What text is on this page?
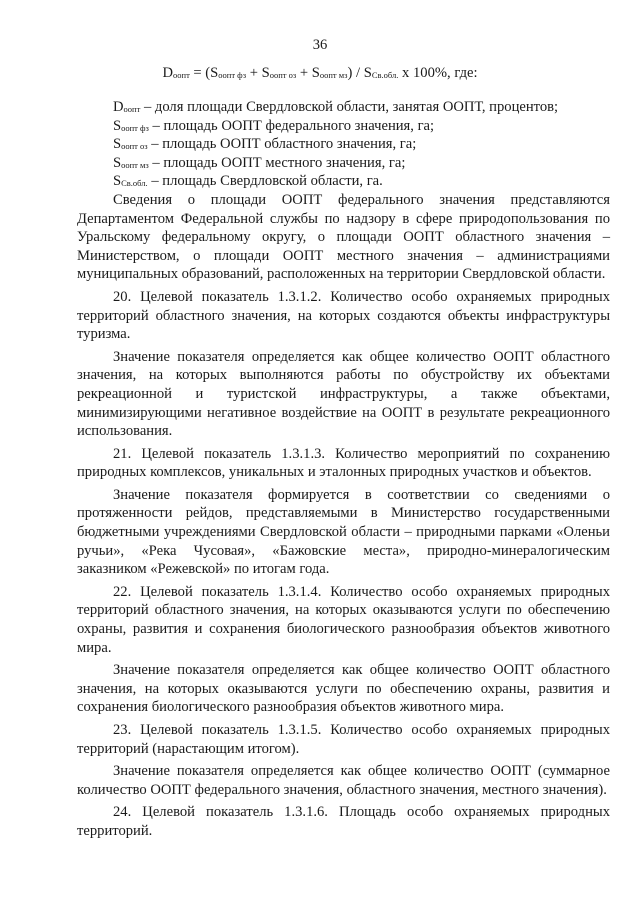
36
$D_{оопт} = (S_{оопт фз} + S_{оопт оз} + S_{оопт мз}) / S_{Св.обл.}$ x 100%, где:
$D_{оопт}$ – доля площади Свердловской области, занятая ООПТ, процентов;
$S_{оопт фз}$ – площадь ООПТ федерального значения, га;
$S_{оопт оз}$ – площадь ООПТ областного значения, га;
$S_{оопт мз}$ – площадь ООПТ местного значения, га;
$S_{Св.обл.}$ – площадь Свердловской области, га.

Сведения о площади ООПТ федерального значения представляются Департаментом Федеральной службы по надзору в сфере природопользования по Уральскому федеральному округу, о площади ООПТ областного значения – Министерством, о площади ООПТ местного значения – администрациями муниципальных образований, расположенных на территории Свердловской области.

20. Целевой показатель 1.3.1.2. Количество особо охраняемых природных территорий областного значения, на которых создаются объекты инфраструктуры туризма.

Значение показателя определяется как общее количество ООПТ областного значения, на которых выполняются работы по обустройству их объектами рекреационной и туристской инфраструктуры, а также объектами, минимизирующими негативное воздействие на ООПТ в результате рекреационного использования.

21. Целевой показатель 1.3.1.3. Количество мероприятий по сохранению природных комплексов, уникальных и эталонных природных участков и объектов.

Значение показателя формируется в соответствии со сведениями о протяженности рейдов, представляемыми в Министерство государственными бюджетными учреждениями Свердловской области – природными парками «Оленьи ручьи», «Река Чусовая», «Бажовские места», природно-минералогическим заказником «Режевской» по итогам года.

22. Целевой показатель 1.3.1.4. Количество особо охраняемых природных территорий областного значения, на которых оказываются услуги по обеспечению охраны, развития и сохранения биологического разнообразия объектов животного мира.

Значение показателя определяется как общее количество ООПТ областного значения, на которых оказываются услуги по обеспечению охраны, развития и сохранения биологического разнообразия объектов животного мира.

23. Целевой показатель 1.3.1.5. Количество особо охраняемых природных территорий (нарастающим итогом).

Значение показателя определяется как общее количество ООПТ (суммарное количество ООПТ федерального значения, областного значения, местного значения).

24. Целевой показатель 1.3.1.6. Площадь особо охраняемых природных территорий.
